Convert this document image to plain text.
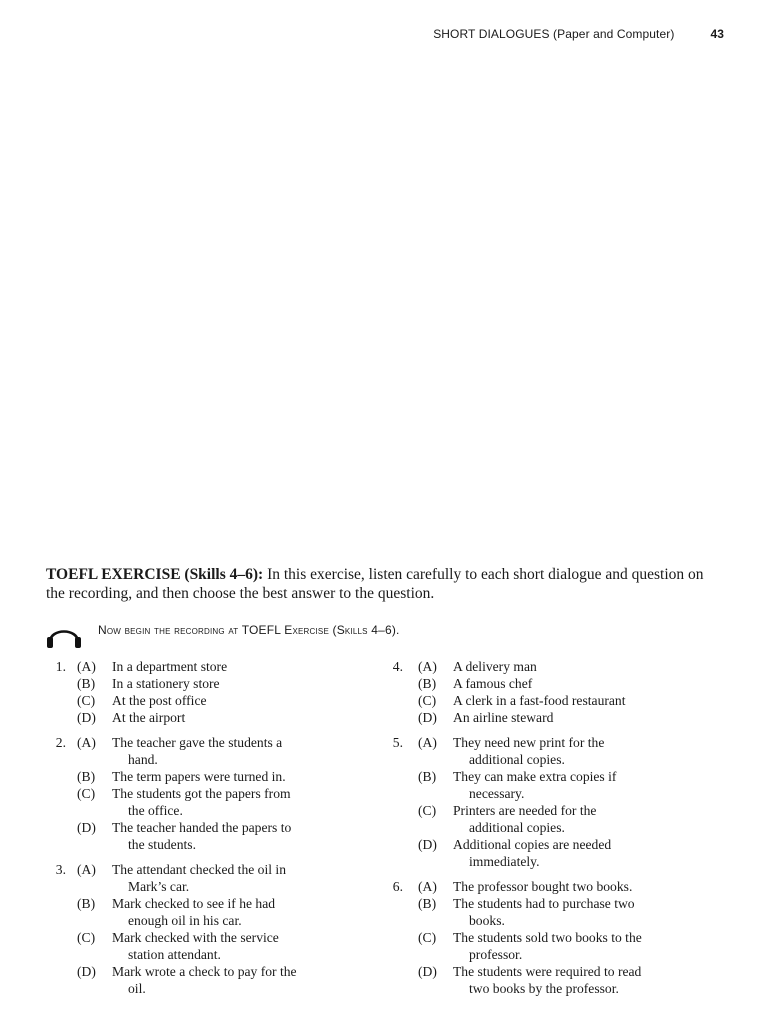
SHORT DIALOGUES (Paper and Computer)	43
TOEFL EXERCISE (Skills 4–6): In this exercise, listen carefully to each short dialogue and question on the recording, and then choose the best answer to the question.
Now begin the recording at TOEFL Exercise (Skills 4–6).
1. (A) In a department store
(B) In a stationery store
(C) At the post office
(D) At the airport
2. (A) The teacher gave the students a
hand.
(B) The term papers were turned in.
(C) The students got the papers from
the office.
(D) The teacher handed the papers to
the students.
3. (A) The attendant checked the oil in
Mark’s car.
(B) Mark checked to see if he had
enough oil in his car.
(C) Mark checked with the service
station attendant.
(D) Mark wrote a check to pay for the
oil.
4. (A) A delivery man
(B) A famous chef
(C) A clerk in a fast-food restaurant
(D) An airline steward
5. (A) They need new print for the
additional copies.
(B) They can make extra copies if
necessary.
(C) Printers are needed for the
additional copies.
(D) Additional copies are needed
immediately.
6. (A) The professor bought two books.
(B) The students had to purchase two
books.
(C) The students sold two books to the
professor.
(D) The students were required to read
two books by the professor.
